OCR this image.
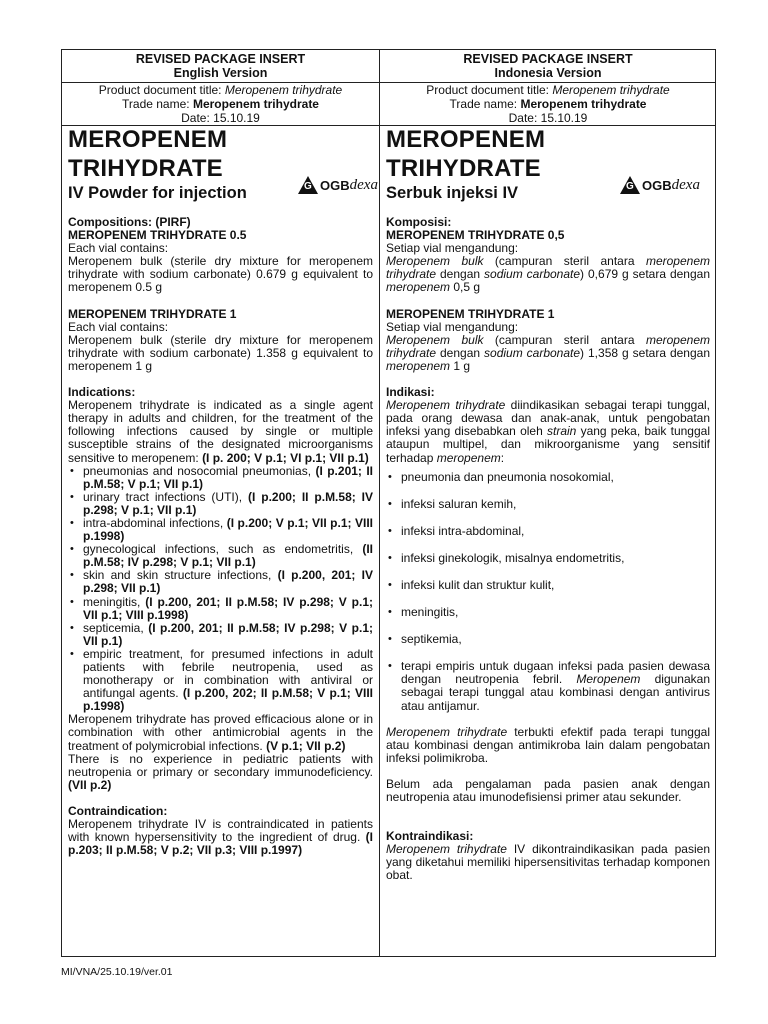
REVISED PACKAGE INSERT
English Version
Product document title: Meropenem trihydrate
Trade name: Meropenem trihydrate
Date: 15.10.19
MEROPENEM
TRIHYDRATE
IV Powder for injection	G OGB dexa

Compositions: (PIRF)

MEROPENEM TRIHYDRATE 0.5

Each vial contains:

Meropenem bulk (sterile dry mixture for meropenem trihydrate with sodium carbonate) 0.679 g equivalent to meropenem 0.5 g

MEROPENEM TRIHYDRATE 1

Each vial contains:

Meropenem bulk (sterile dry mixture for meropenem trihydrate with sodium carbonate) 1.358 g equivalent to meropenem 1 g

Indications:

Meropenem trihydrate is indicated as a single agent therapy in adults and children, for the treatment of the following infections caused by single or multiple susceptible strains of the designated microorganisms sensitive to meropenem: (I p. 200; V p.1; VI p.1; VII p.1)

• pneumonias and nosocomial pneumonias, (I p.201; II p.M.58; V p.1; VII p.1)
• urinary tract infections (UTI), (I p.200; II p.M.58; IV p.298; V p.1; VII p.1)
• intra-abdominal infections, (I p.200; V p.1; VII p.1; VIII p.1998)
• gynecological infections, such as endometritis, (II p.M.58; IV p.298; V p.1; VII p.1)
• skin and skin structure infections, (I p.200, 201; IV p.298; VII p.1)
• meningitis, (I p.200, 201; II p.M.58; IV p.298; V p.1; VII p.1; VIII p.1998)
• septicemia, (I p.200, 201; II p.M.58; IV p.298; V p.1; VII p.1)
• empiric treatment, for presumed infections in adult patients with febrile neutropenia, used as monotherapy or in combination with antiviral or antifungal agents. (I p.200, 202; II p.M.58; V p.1; VIII p.1998)

Meropenem trihydrate has proved efficacious alone or in combination with other antimicrobial agents in the treatment of polymicrobial infections. (V p.1; VII p.2)

There is no experience in pediatric patients with neutropenia or primary or secondary immunodeficiency. (VII p.2)

Contraindication:

Meropenem trihydrate IV is contraindicated in patients with known hypersensitivity to the ingredient of drug. (I p.203; II p.M.58; V p.2; VII p.3; VIII p.1997)

REVISED PACKAGE INSERT
Indonesia Version
Product document title: Meropenem trihydrate
Trade name: Meropenem trihydrate
Date: 15.10.19
MEROPENEM
TRIHYDRATE
Serbuk injeksi IV	G OGB dexa

Komposisi:

MEROPENEM TRIHYDRATE 0,5

Setiap vial mengandung:

Meropenem bulk (campuran steril antara meropenem trihydrate dengan sodium carbonate) 0,679 g setara dengan meropenem 0,5 g

MEROPENEM TRIHYDRATE 1

Setiap vial mengandung:

Meropenem bulk (campuran steril antara meropenem trihydrate dengan sodium carbonate) 1,358 g setara dengan meropenem 1 g

Indikasi:

Meropenem trihydrate diindikasikan sebagai terapi tunggal, pada orang dewasa dan anak-anak, untuk pengobatan infeksi yang disebabkan oleh strain yang peka, baik tunggal ataupun multipel, dan mikroorganisme yang sensitif terhadap meropenem:

• pneumonia dan pneumonia nosokomial,
• infeksi saluran kemih,
• infeksi intra-abdominal,
• infeksi ginekologik, misalnya endometritis,
• infeksi kulit dan struktur kulit,
• meningitis,
• septikemia,
• terapi empiris untuk dugaan infeksi pada pasien dewasa dengan neutropenia febril. Meropenem digunakan sebagai terapi tunggal atau kombinasi dengan antivirus atau antijamur.

Meropenem trihydrate terbukti efektif pada terapi tunggal atau kombinasi dengan antimikroba lain dalam pengobatan infeksi polimikroba.

Belum ada pengalaman pada pasien anak dengan neutropenia atau imunodefisiensi primer atau sekunder.

Kontraindikasi:

Meropenem trihydrate IV dikontraindikasikan pada pasien yang diketahui memiliki hipersensitivitas terhadap komponen obat.

MI/VNA/25.10.19/ver.01
